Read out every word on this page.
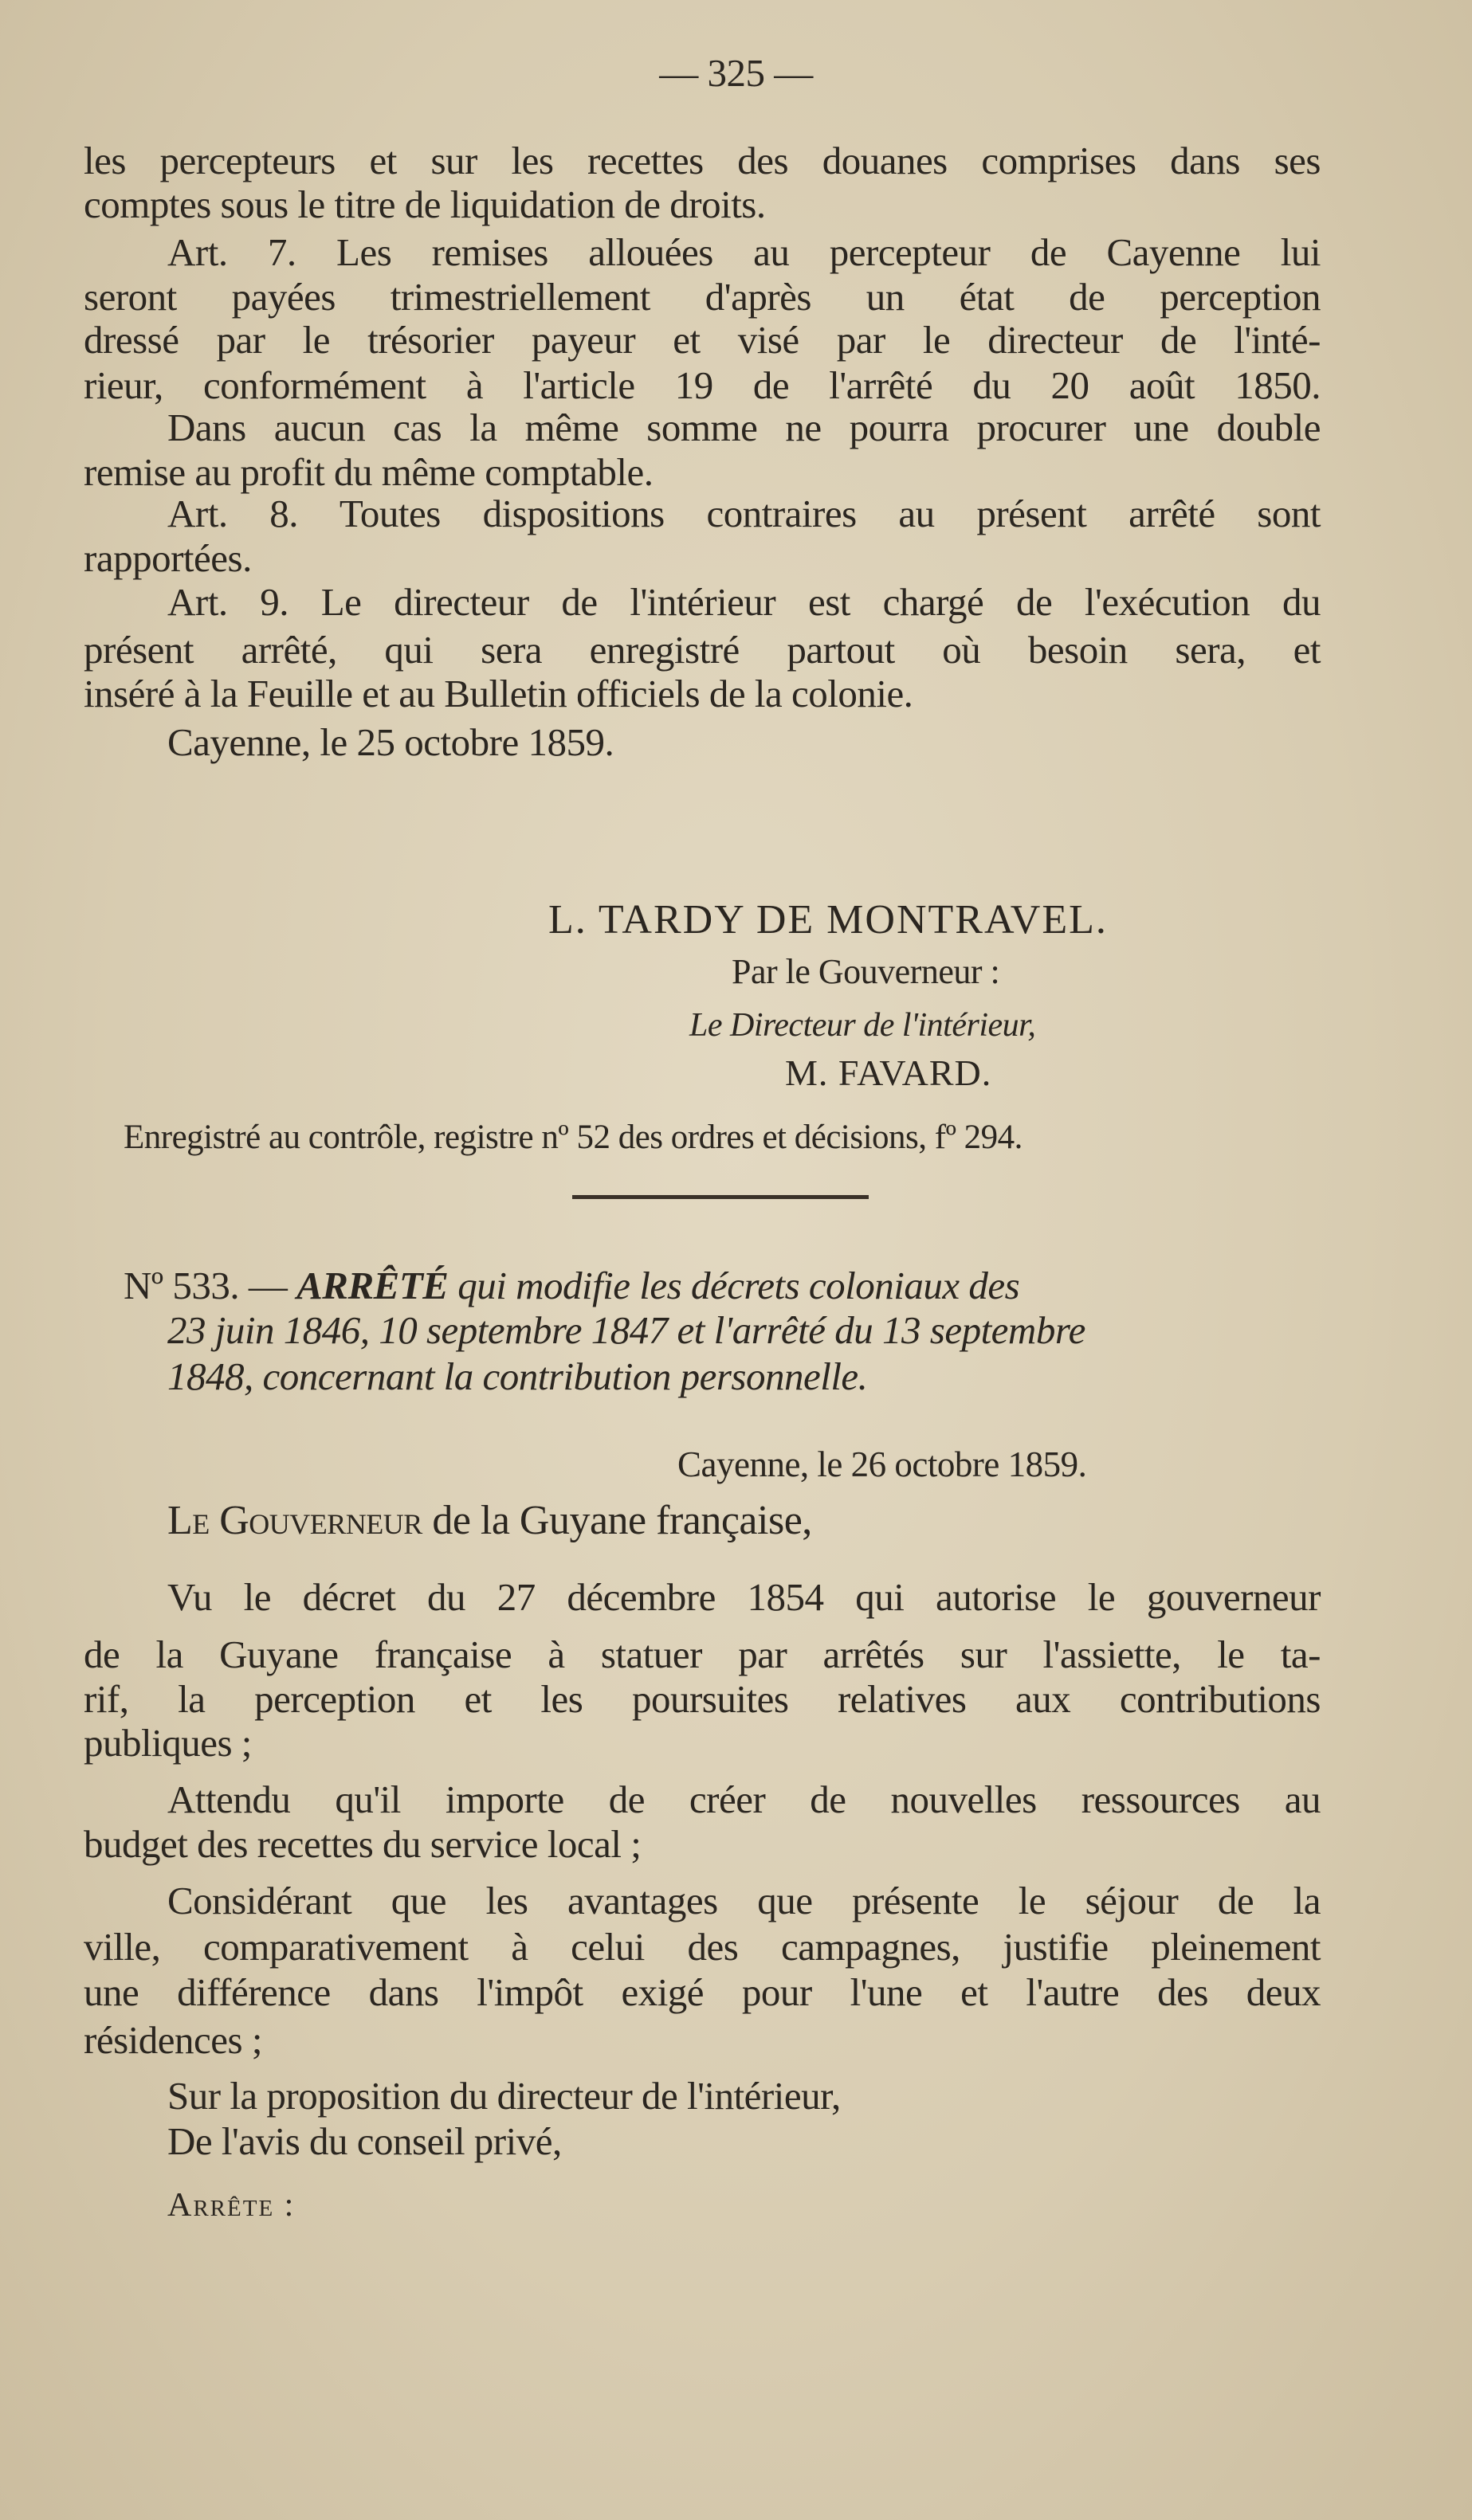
— 325 —
les percepteurs et sur les recettes des douanes comprises dans ses
comptes sous le titre de liquidation de droits.
Art. 7. Les remises allouées au percepteur de Cayenne lui
seront payées trimestriellement d'après un état de perception
dressé par le trésorier payeur et visé par le directeur de l'inté-
rieur, conformément à l'article 19 de l'arrêté du 20 août 1850.
Dans aucun cas la même somme ne pourra procurer une double
remise au profit du même comptable.
Art. 8. Toutes dispositions contraires au présent arrêté sont
rapportées.
Art. 9. Le directeur de l'intérieur est chargé de l'exécution du
présent arrêté, qui sera enregistré partout où besoin sera, et
inséré à la Feuille et au Bulletin officiels de la colonie.
Cayenne, le 25 octobre 1859.
L. TARDY DE MONTRAVEL.
Par le Gouverneur :
Le Directeur de l'intérieur,
M. FAVARD.
Enregistré au contrôle, registre nº 52 des ordres et décisions, fº 294.
Nº 533. — ARRÊTÉ qui modifie les décrets coloniaux des
23 juin 1846, 10 septembre 1847 et l'arrêté du 13 septembre
1848, concernant la contribution personnelle.
Cayenne, le 26 octobre 1859.
Le Gouverneur de la Guyane française,
Vu le décret du 27 décembre 1854 qui autorise le gouverneur
de la Guyane française à statuer par arrêtés sur l'assiette, le ta-
rif, la perception et les poursuites relatives aux contributions
publiques ;
Attendu qu'il importe de créer de nouvelles ressources au
budget des recettes du service local ;
Considérant que les avantages que présente le séjour de la
ville, comparativement à celui des campagnes, justifie pleinement
une différence dans l'impôt exigé pour l'une et l'autre des deux
résidences ;
Sur la proposition du directeur de l'intérieur,
De l'avis du conseil privé,
Arrête :
